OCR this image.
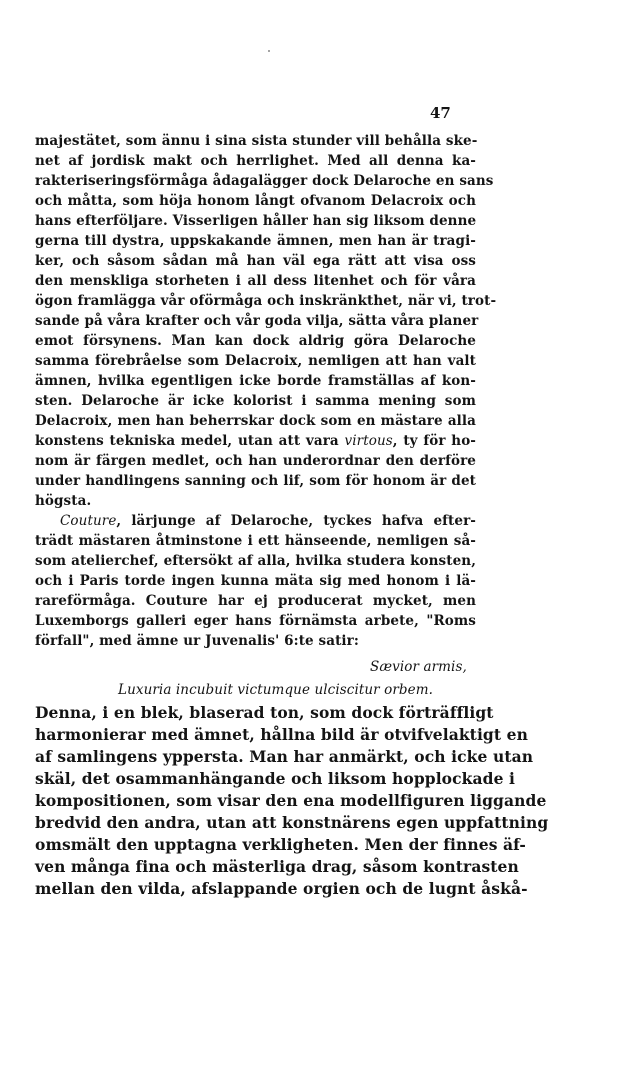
47
majestätet, som ännu i sina sista stunder vill behålla ske-
net af jordisk makt och herrlighet. Med all denna ka-
rakteriseringsförmåga ådagalägger dock Delaroche en sans
och måtta, som höja honom långt ofvanom Delacroix och
hans efterföljare. Visserligen håller han sig liksom denne
gerna till dystra, uppskakande ämnen, men han är tragi-
ker, och såsom sådan må han väl ega rätt att visa oss
den menskliga storheten i all dess litenhet och för våra
ögon framlägga vår oförmåga och inskränkthet, när vi, trot-
sande på våra krafter och vår goda vilja, sätta våra planer
emot försynens. Man kan dock aldrig göra Delaroche
samma förebråelse som Delacroix, nemligen att han valt
ämnen, hvilka egentligen icke borde framställas af kon-
sten. Delaroche är icke kolorist i samma mening som
Delacroix, men han beherrskar dock som en mästare alla
konstens tekniska medel, utan att vara virtous, ty för ho-
nom är färgen medlet, och han underordnar den derföre
under handlingens sanning och lif, som för honom är det
högsta.
Couture, lärjunge af Delaroche, tyckes hafva efter-
trädt mästaren åtminstone i ett hänseende, nemligen så-
som atelierchef, eftersökt af alla, hvilka studera konsten,
och i Paris torde ingen kunna mäta sig med honom i lä-
rareförmåga. Couture har ej producerat mycket, men
Luxemborgs galleri eger hans förnämsta arbete, "Roms
förfall", med ämne ur Juvenalis' 6:te satir:
Sævior armis,
Luxuria incubuit victumque ulciscitur orbem.
Denna, i en blek, blaserad ton, som dock förträffligt
harmonierar med ämnet, hållna bild är otvifvelaktigt en
af samlingens yppersta. Man har anmärkt, och icke utan
skäl, det osammanhängande och liksom hopplockade i
kompositionen, som visar den ena modellfiguren liggande
bredvid den andra, utan att konstnärens egen uppfattning
omsmält den upptagna verkligheten. Men der finnes äf-
ven många fina och mästerliga drag, såsom kontrasten
mellan den vilda, afslappande orgien och de lugnt åskå-
